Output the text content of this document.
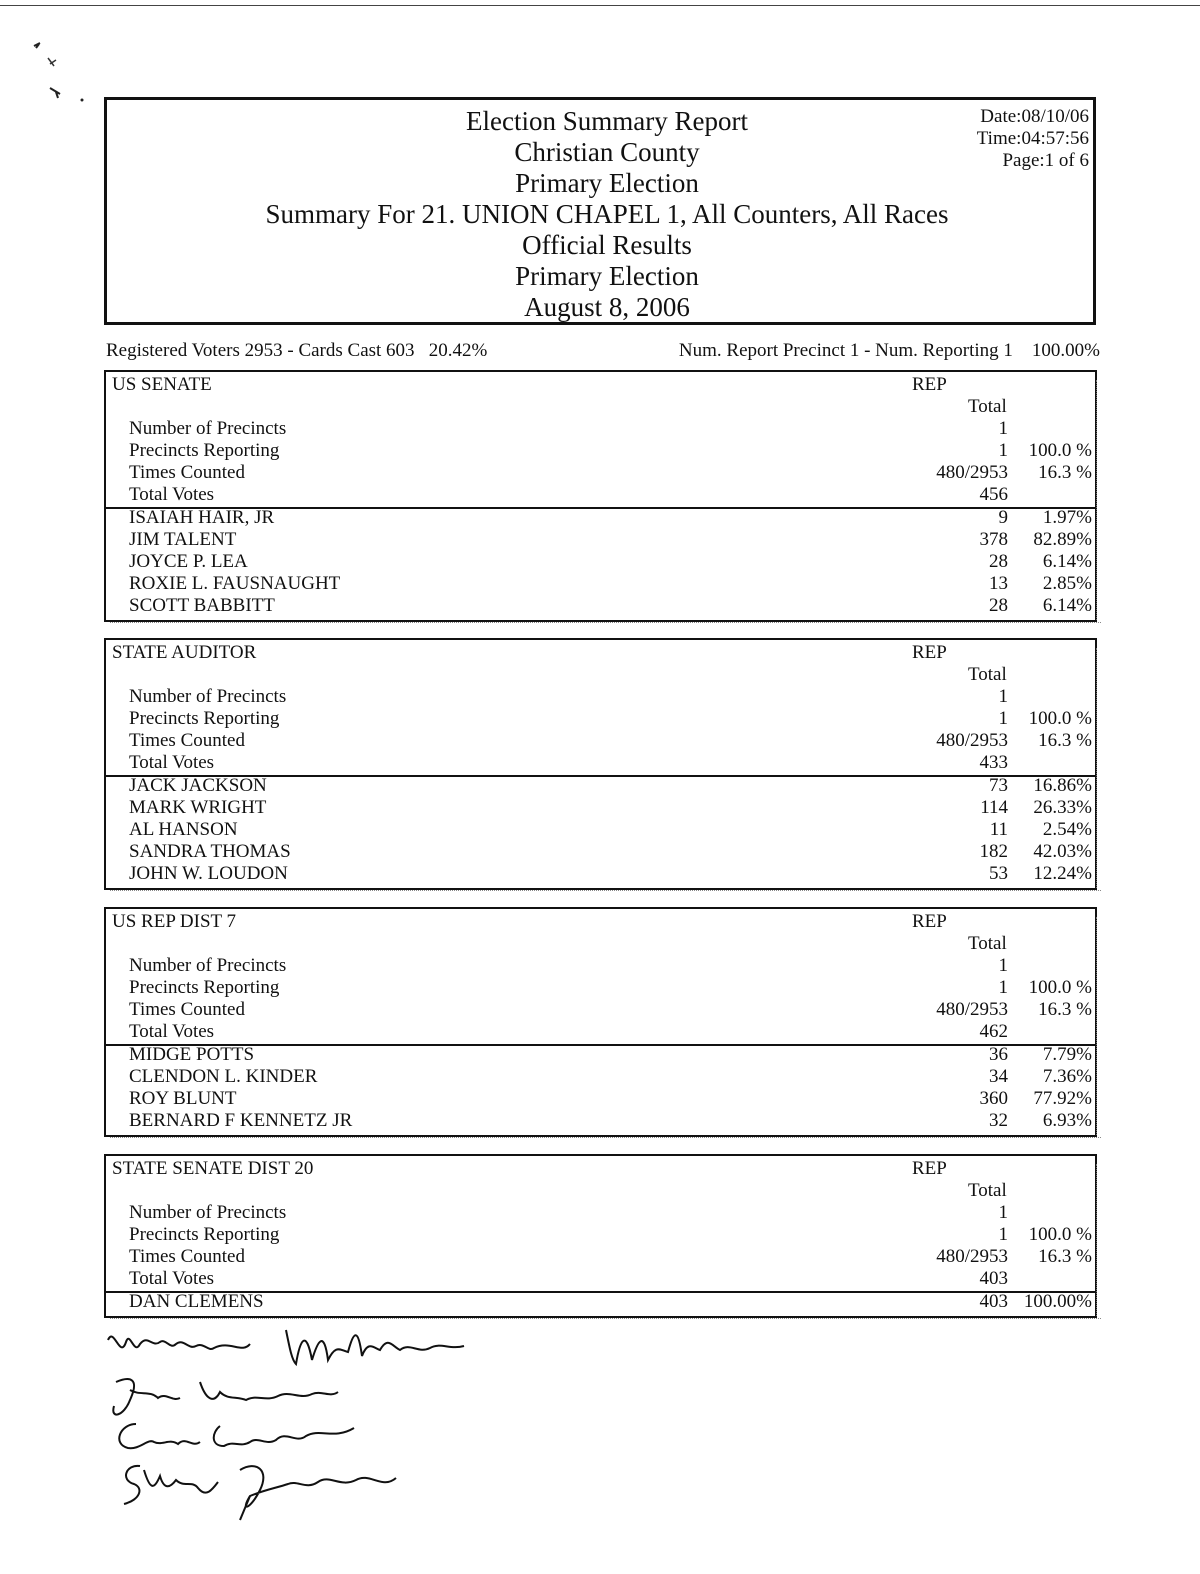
Election Summary Report
Christian County
Primary Election
Summary For 21. UNION CHAPEL 1, All Counters, All Races
Official Results
Primary Election
August 8, 2006
Date:08/10/06
Time:04:57:56
Page:1 of 6
Registered Voters 2953 - Cards Cast 603   20.42%	Num. Report Precinct 1 - Num. Reporting 1    100.00%
US SENATE	REP
Total
Number of Precincts	1
Precincts Reporting	1 100.0 %
Times Counted	480/2953 16.3 %
Total Votes	456
ISAIAH HAIR, JR	9 1.97%
JIM TALENT	378 82.89%
JOYCE P. LEA	28 6.14%
ROXIE L. FAUSNAUGHT	13 2.85%
SCOTT BABBITT	28 6.14%
STATE AUDITOR	REP
Total
Number of Precincts	1
Precincts Reporting	1 100.0 %
Times Counted	480/2953 16.3 %
Total Votes	433
JACK JACKSON	73 16.86%
MARK WRIGHT	114 26.33%
AL HANSON	11 2.54%
SANDRA THOMAS	182 42.03%
JOHN W. LOUDON	53 12.24%
US REP DIST 7	REP
Total
Number of Precincts	1
Precincts Reporting	1 100.0 %
Times Counted	480/2953 16.3 %
Total Votes	462
MIDGE POTTS	36 7.79%
CLENDON L. KINDER	34 7.36%
ROY BLUNT	360 77.92%
BERNARD F KENNETZ JR	32 6.93%
STATE SENATE DIST 20	REP
Total
Number of Precincts	1
Precincts Reporting	1 100.0 %
Times Counted	480/2953 16.3 %
Total Votes	403
DAN CLEMENS	403 100.00%
